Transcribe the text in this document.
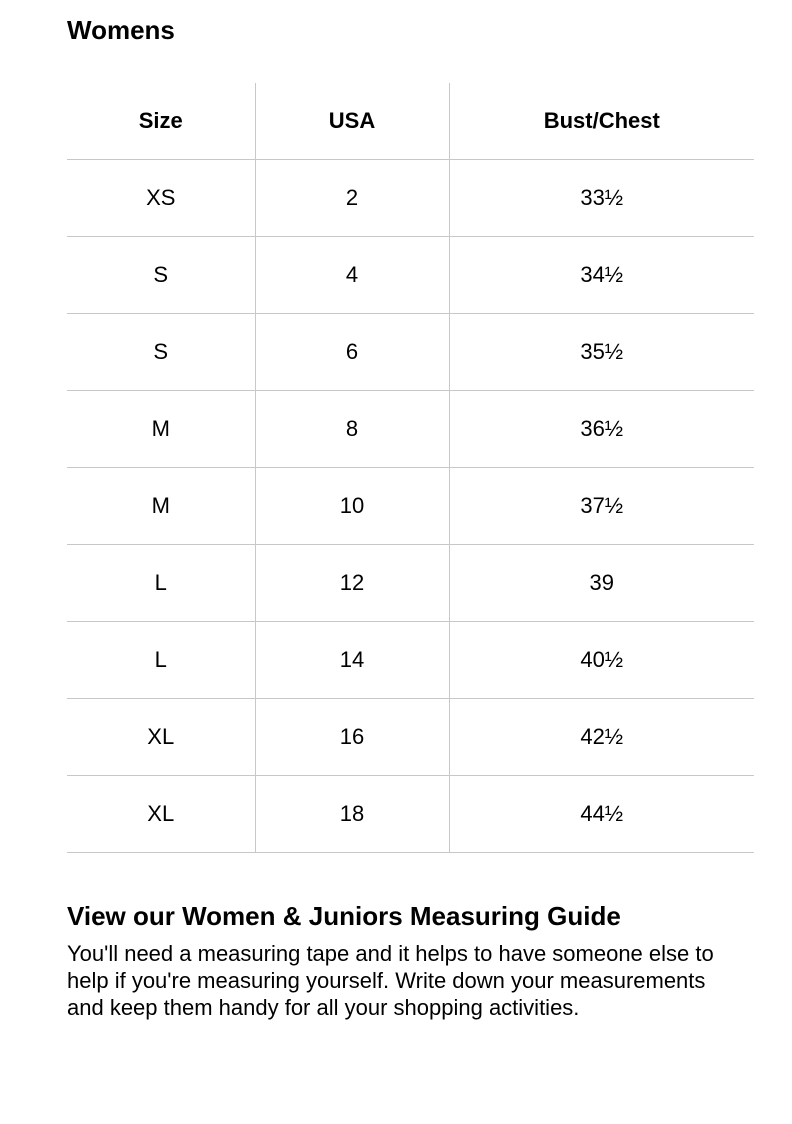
Womens
Size	USA	Bust/Chest
XS	2	33½
S	4	34½
S	6	35½
M	8	36½
M	10	37½
L	12	39
L	14	40½
XL	16	42½
XL	18	44½
View our Women & Juniors Measuring Guide

You'll need a measuring tape and it helps to have someone else to help if you're measuring yourself. Write down your measurements and keep them handy for all your shopping activities.
